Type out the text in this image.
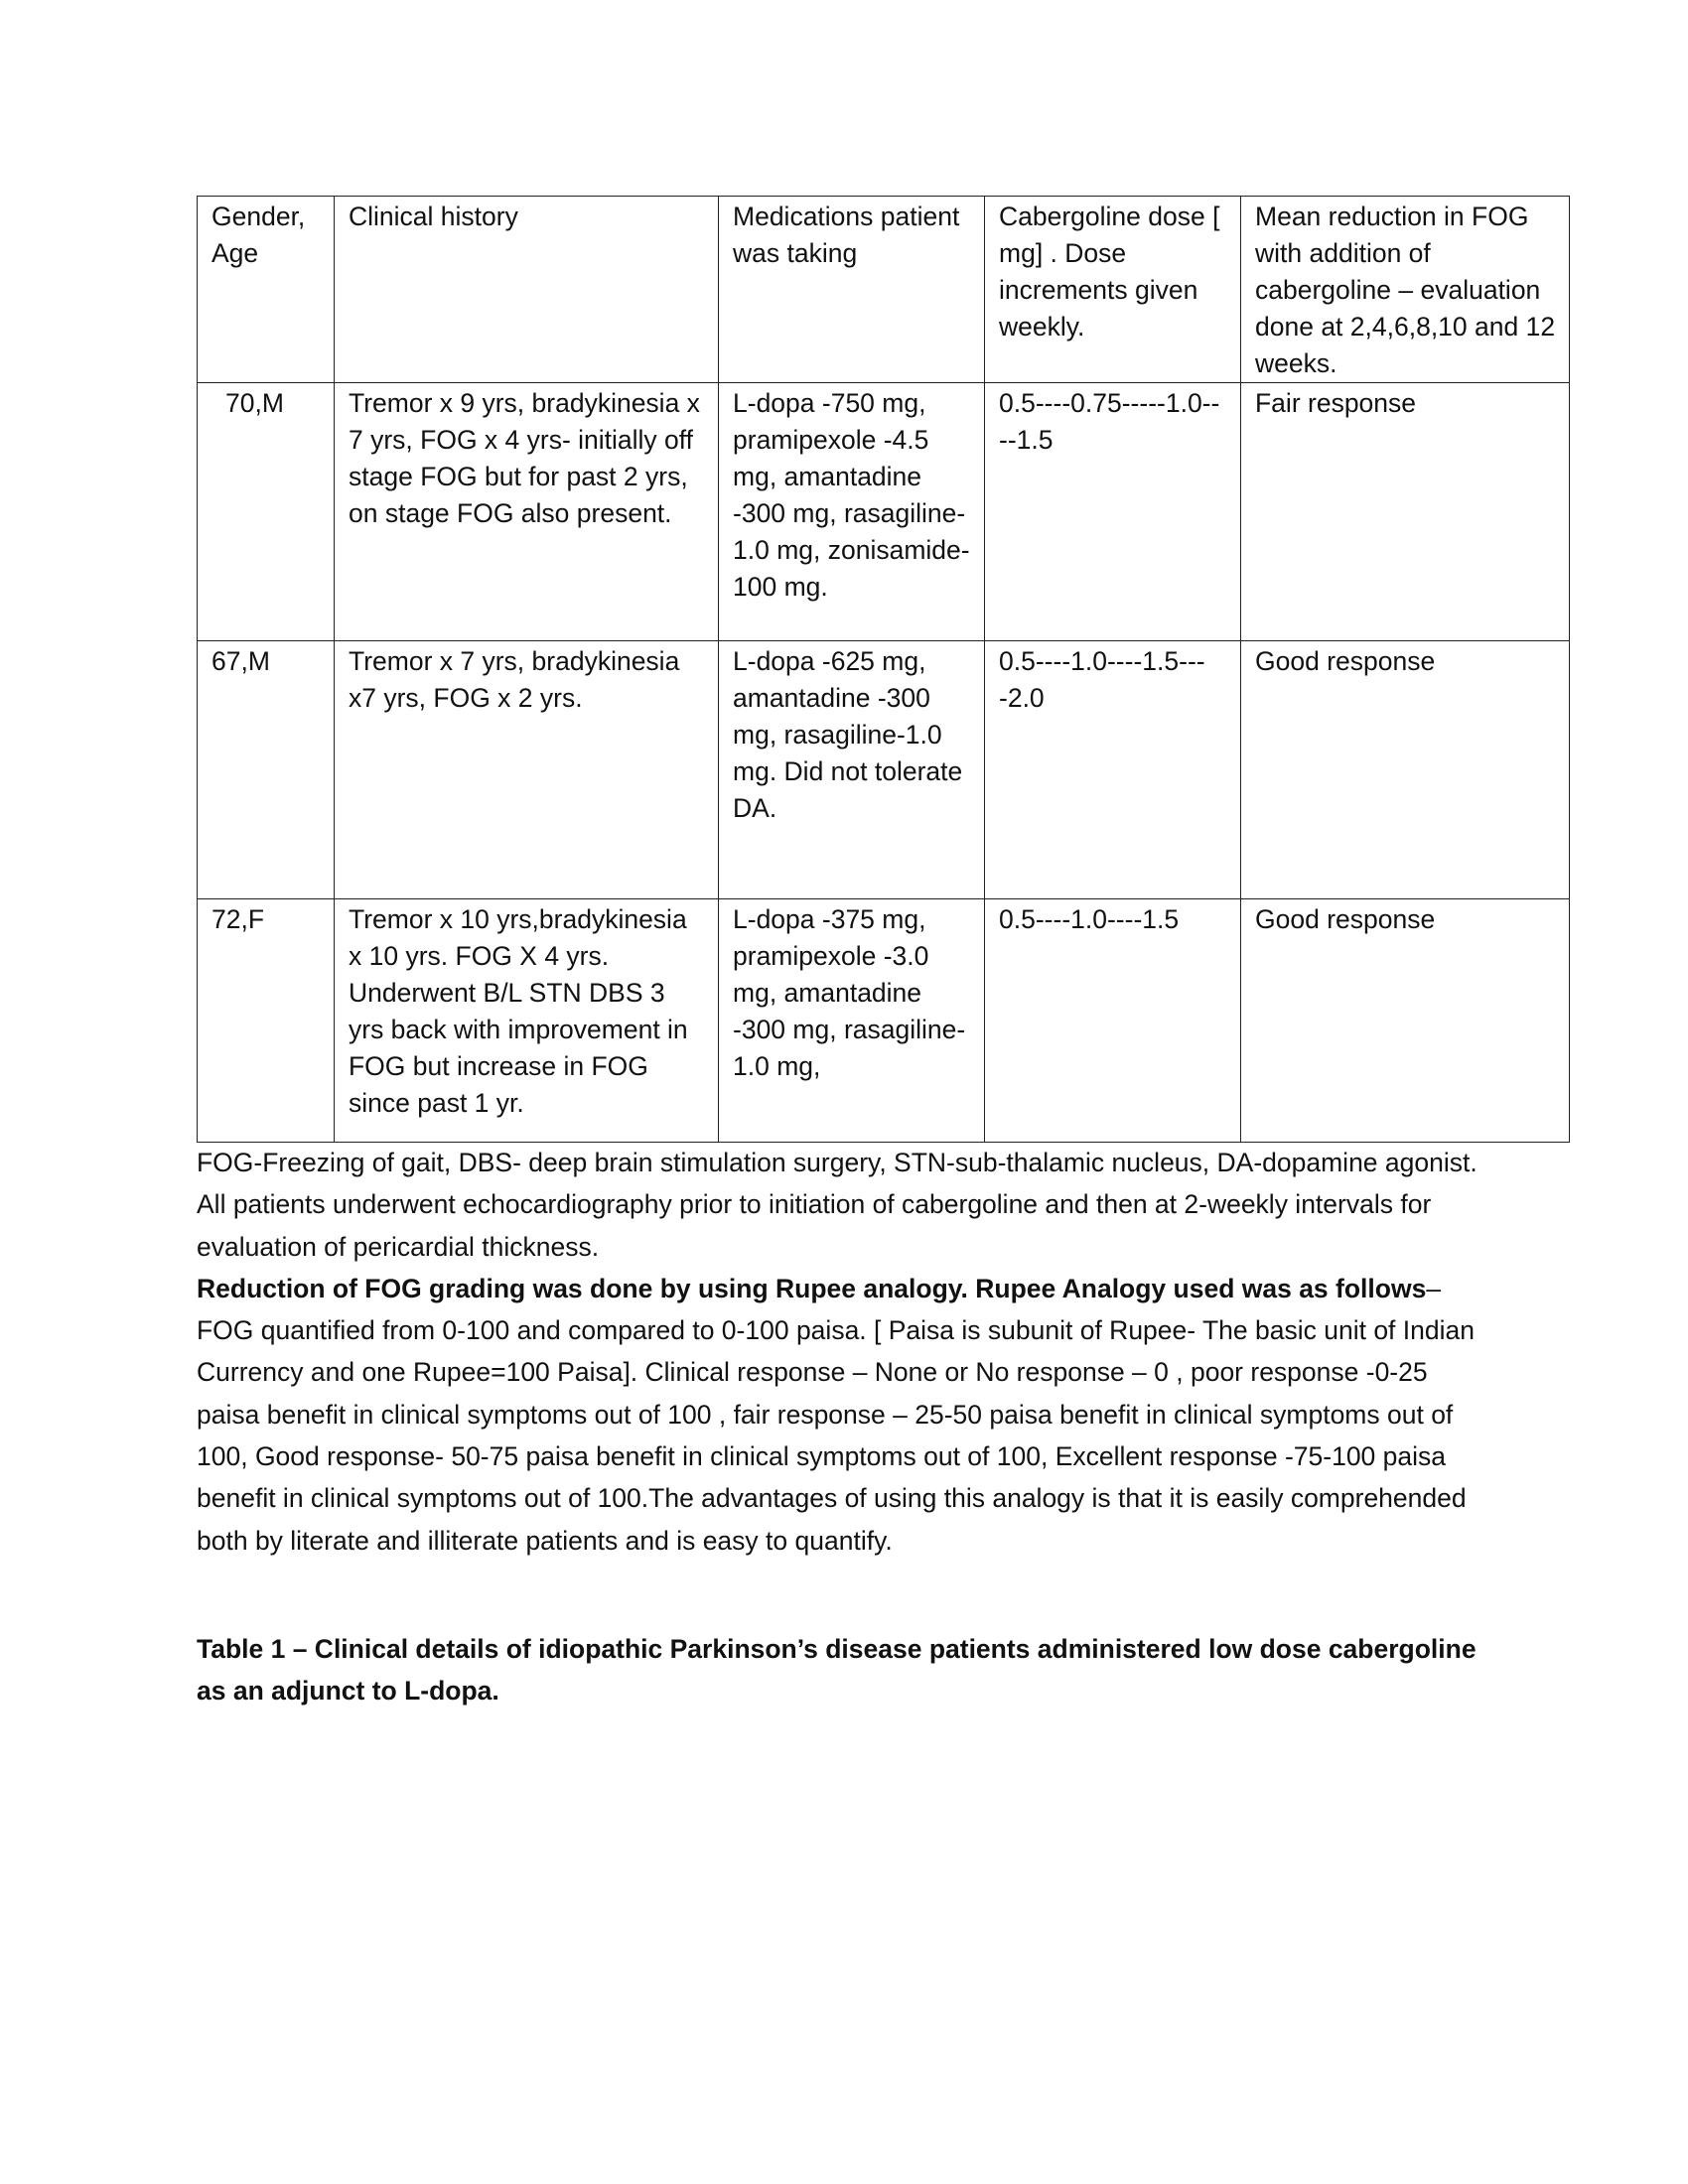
Gender, Age	Clinical history	Medications patient was taking	Cabergoline dose [ mg] . Dose increments given weekly.	Mean reduction in FOG with addition of cabergoline – evaluation done at 2,4,6,8,10 and 12 weeks.
70,M	Tremor x 9 yrs, bradykinesia x 7 yrs, FOG x 4 yrs- initially off stage FOG but for past 2 yrs, on stage FOG also present.	L-dopa -750 mg, pramipexole -4.5 mg, amantadine -300 mg, rasagiline-1.0 mg, zonisamide-100 mg.	0.5----0.75-----1.0----1.5	Fair response
67,M	Tremor x 7 yrs, bradykinesia x7 yrs, FOG x 2 yrs.	L-dopa -625 mg, amantadine -300 mg, rasagiline-1.0 mg. Did not tolerate DA.	0.5----1.0----1.5----2.0	Good response
72,F	Tremor x 10 yrs,bradykinesia x 10 yrs. FOG X 4 yrs. Underwent B/L STN DBS 3 yrs back with improvement in FOG but increase in FOG since past 1 yr.	L-dopa -375 mg, pramipexole -3.0 mg, amantadine -300 mg, rasagiline-1.0 mg,	0.5----1.0----1.5	Good response

FOG-Freezing of gait, DBS- deep brain stimulation surgery, STN-sub-thalamic nucleus, DA-dopamine agonist.

All patients underwent echocardiography prior to initiation of cabergoline and then at 2-weekly intervals for evaluation of pericardial thickness.

Reduction of FOG grading was done by using Rupee analogy. Rupee Analogy used was as follows–
FOG quantified from 0-100 and compared to 0-100 paisa. [ Paisa is subunit of Rupee- The basic unit of Indian Currency and one Rupee=100 Paisa]. Clinical response – None or No response – 0 , poor response -0-25 paisa benefit in clinical symptoms out of 100 , fair response – 25-50 paisa benefit in clinical symptoms out of 100, Good response- 50-75 paisa benefit in clinical symptoms out of 100, Excellent response -75-100 paisa benefit in clinical symptoms out of 100.The advantages of using this analogy is that it is easily comprehended both by literate and illiterate patients and is easy to quantify.

Table 1 – Clinical details of idiopathic Parkinson’s disease patients administered low dose cabergoline as an adjunct to L-dopa.
